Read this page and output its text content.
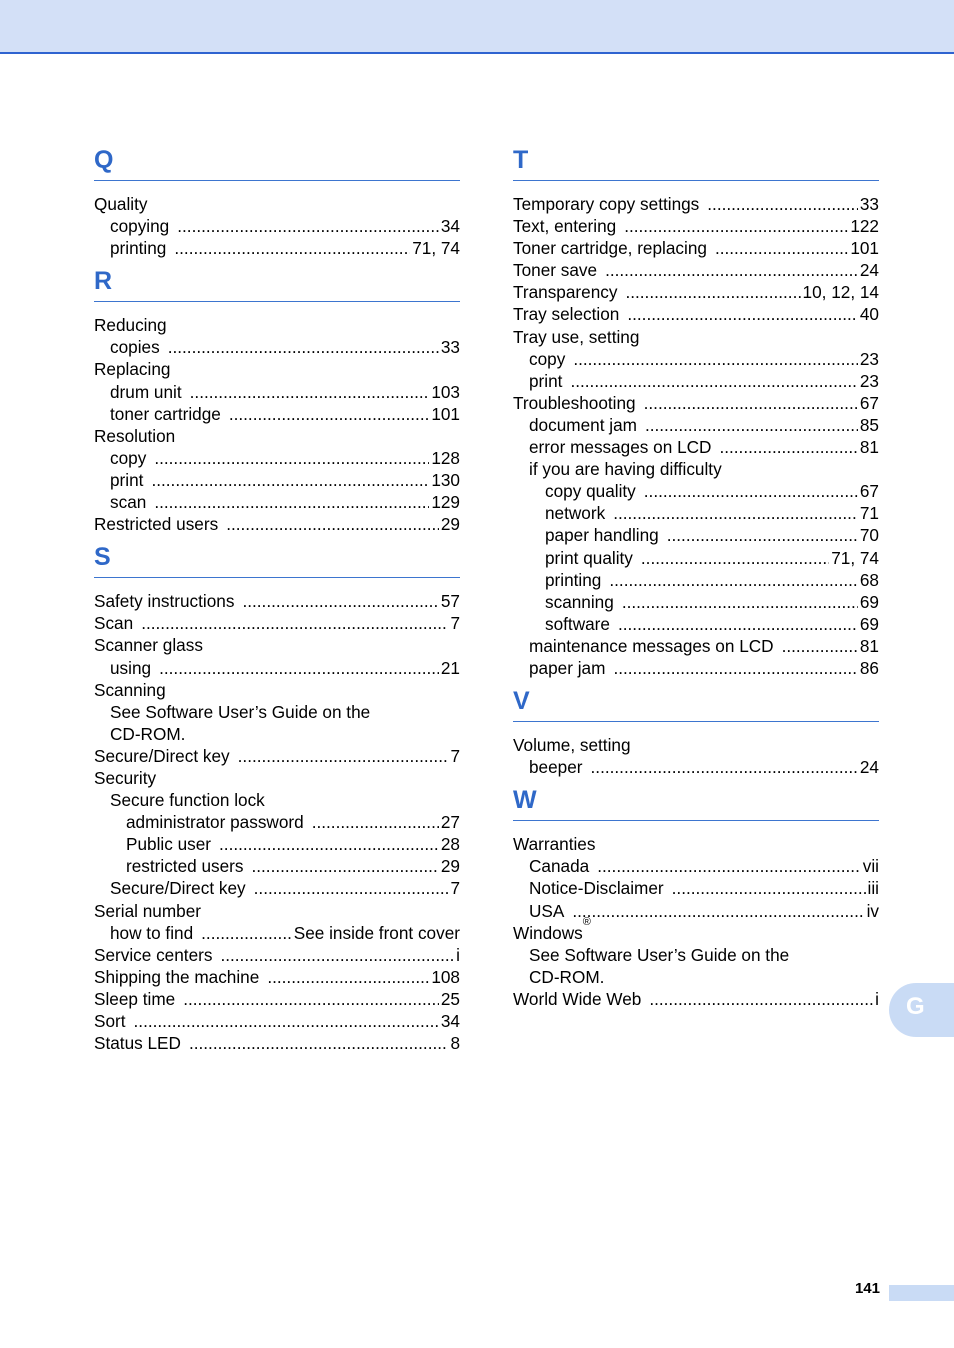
Q
Quality
copying .....	34
printing .....	71, 74
R
Reducing
copies .....	33
Replacing
drum unit .....	103
toner cartridge .....	101
Resolution
copy .....	128
print .....	130
scan .....	129
Restricted users .....	29
S
Safety instructions .....	57
Scan .....	7
Scanner glass
using .....	21
Scanning
See Software User’s Guide on the
CD-ROM.
Secure/Direct key .....	7
Security
Secure function lock
administrator password .....	27
Public user .....	28
restricted users .....	29
Secure/Direct key .....	7
Serial number
how to find .....	See inside front cover
Service centers .....	i
Shipping the machine .....	108
Sleep time .....	25
Sort .....	34
Status LED .....	8
T
Temporary copy settings .....	33
Text, entering .....	122
Toner cartridge, replacing .....	101
Toner save .....	24
Transparency .....	10, 12, 14
Tray selection .....	40
Tray use, setting
copy .....	23
print .....	23
Troubleshooting .....	67
document jam .....	85
error messages on LCD .....	81
if you are having difficulty
copy quality .....	67
network .....	71
paper handling .....	70
print quality .....	71, 74
printing .....	68
scanning .....	69
software .....	69
maintenance messages on LCD .....	81
paper jam .....	86
V
Volume, setting
beeper .....	24
W
Warranties
Canada .....	vii
Notice-Disclaimer .....	iii
USA .....	iv
Windows
®
See Software User’s Guide on the
CD-ROM.
World Wide Web .....	i G
141
